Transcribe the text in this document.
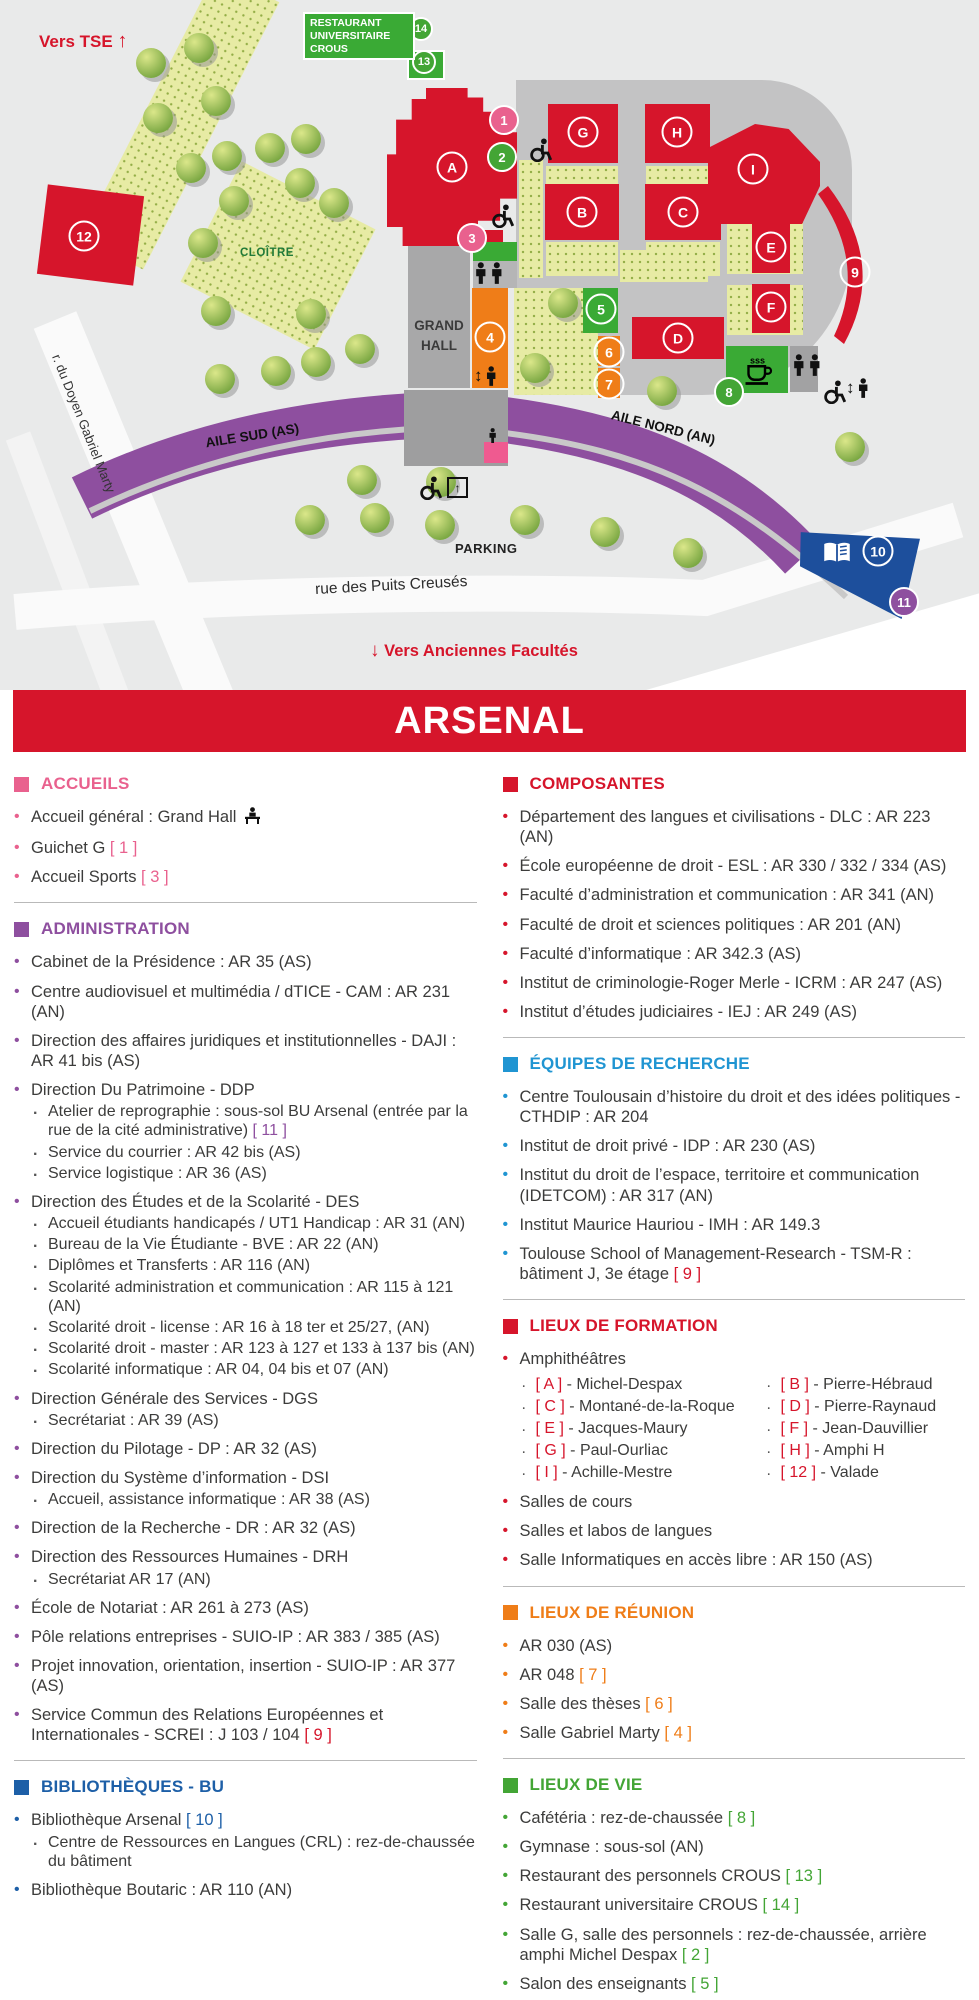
↕
↕
↑
sss
Vers TSE ↑
RESTAURANT
UNIVERSITAIRE
CROUS
CLOÎTRE
GRAND
HALL
AILE SUD (AS)	AILE NORD (AN)
PARKING
r. du Doyen Gabriel Marty
rue des Puits Creusés
↓ Vers Anciennes Facultés
A
B	C
D
E
F
G	H
I
1
2
3
4
5
6
7	8
9
10
11
12
13
14
ARSENAL
ACCUEILS
• Accueil général : Grand Hall
• Guichet G [ 1 ]
• Accueil Sports [ 3 ]
ADMINISTRATION
• Cabinet de la Présidence : AR 35 (AS)
• Centre audiovisuel et multimédia / dTICE - CAM : AR 231 (AN)
• Direction des affaires juridiques et institutionnelles - DAJI : AR 41 bis (AS)
• Direction Du Patrimoine - DDP
. Atelier de reprographie : sous-sol BU Arsenal (entrée par la rue de la cité administrative) [ 11 ]
. Service du courrier : AR 42 bis (AS)
. Service logistique : AR 36 (AS)
• Direction des Études et de la Scolarité - DES
. Accueil étudiants handicapés / UT1 Handicap : AR 31 (AN)
. Bureau de la Vie Étudiante - BVE : AR 22 (AN)
. Diplômes et Transferts : AR 116 (AN)
. Scolarité administration et communication : AR 115 à 121 (AN)
. Scolarité droit - license : AR 16 à 18 ter et 25/27, (AN)
. Scolarité droit - master : AR 123 à 127 et 133 à 137 bis (AN)
. Scolarité informatique : AR 04, 04 bis et 07 (AN)
• Direction Générale des Services - DGS
. Secrétariat : AR 39 (AS)
• Direction du Pilotage - DP : AR 32 (AS)
• Direction du Système d’information - DSI
. Accueil, assistance informatique : AR 38 (AS)
• Direction de la Recherche - DR : AR 32 (AS)
• Direction des Ressources Humaines - DRH
. Secrétariat AR 17 (AN)
• École de Notariat : AR 261 à 273 (AS)
• Pôle relations entreprises - SUIO-IP : AR 383 / 385 (AS)
• Projet innovation, orientation, insertion - SUIO-IP : AR 377 (AS)
• Service Commun des Relations Européennes et Internationales - SCREI : J 103 / 104 [ 9 ]
BIBLIOTHÈQUES - BU
• Bibliothèque Arsenal [ 10 ]
. Centre de Ressources en Langues (CRL) : rez-de-chaussée du bâtiment
• Bibliothèque Boutaric : AR 110 (AN)
COMPOSANTES
• Département des langues et civilisations - DLC : AR 223 (AN)
• École européenne de droit - ESL : AR 330 / 332 / 334 (AS)
• Faculté d’administration et communication : AR 341 (AN)
• Faculté de droit et sciences politiques : AR 201 (AN)
• Faculté d’informatique : AR 342.3 (AS)
• Institut de criminologie-Roger Merle - ICRM : AR 247 (AS)
• Institut d’études judiciaires - IEJ : AR 249 (AS)
ÉQUIPES DE RECHERCHE
• Centre Toulousain d’histoire du droit et des idées politiques - CTHDIP : AR 204
• Institut de droit privé - IDP : AR 230 (AS)
• Institut du droit de l’espace, territoire et communication (IDETCOM) : AR 317 (AN)
• Institut Maurice Hauriou - IMH : AR 149.3
• Toulouse School of Management-Research - TSM-R : bâtiment J, 3e étage [ 9 ]
LIEUX DE FORMATION
• Amphithéâtres
. [ A ] - Michel-Despax	. [ B ] - Pierre-Hébraud
. [ C ] - Montané-de-la-Roque	. [ D ] - Pierre-Raynaud
. [ E ] - Jacques-Maury	. [ F ] - Jean-Dauvillier
. [ G ] - Paul-Ourliac	. [ H ] - Amphi H
. [ I ] - Achille-Mestre	. [ 12 ] - Valade
• Salles de cours
• Salles et labos de langues
• Salle Informatiques en accès libre : AR 150 (AS)
LIEUX DE RÉUNION
• AR 030 (AS)
• AR 048 [ 7 ]
• Salle des thèses [ 6 ]
• Salle Gabriel Marty [ 4 ]
LIEUX DE VIE
• Cafétéria : rez-de-chaussée [ 8 ]
• Gymnase : sous-sol (AN)
• Restaurant des personnels CROUS [ 13 ]
• Restaurant universitaire CROUS [ 14 ]
• Salle G, salle des personnels : rez-de-chaussée, arrière amphi Michel Despax [ 2 ]
• Salon des enseignants [ 5 ]
